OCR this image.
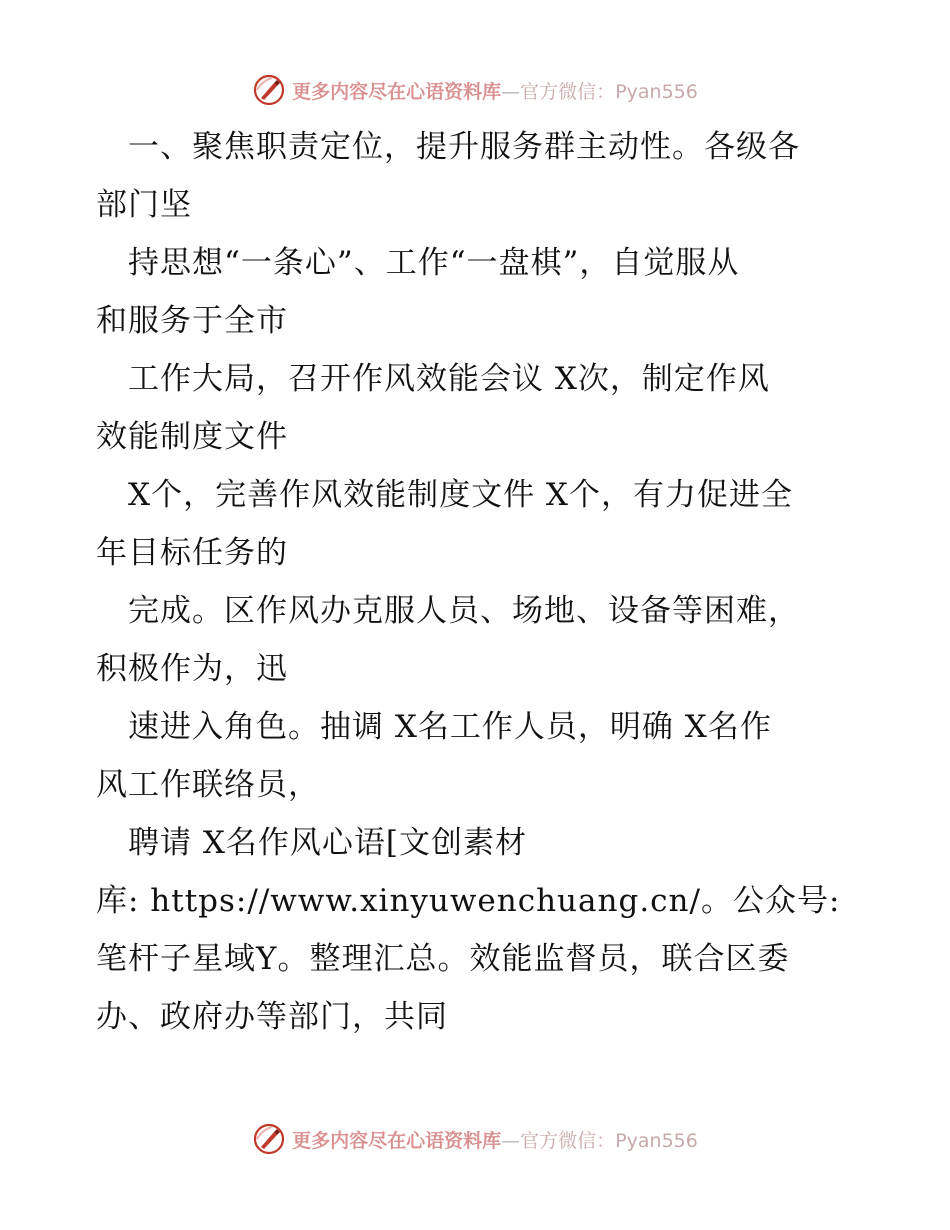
更多内容尽在心语资料库—官方微信：Pyan556
　一、聚焦职责定位，提升服务群主动性。各级各
部门坚
　持思想“一条心”、工作“一盘棋”，自觉服从
和服务于全市
　工作大局，召开作风效能会议 X次，制定作风
效能制度文件
　X个，完善作风效能制度文件 X个，有力促进全
年目标任务的
　完成。区作风办克服人员、场地、设备等困难，
积极作为，迅
　速进入角色。抽调 X名工作人员，明确 X名作
风工作联络员，
　聘请 X名作风心语[文创素材
库: https://www.xinyuwenchuang.cn/。公众号:
笔杆子星域Y。整理汇总。效能监督员，联合区委
办、政府办等部门，共同
更多内容尽在心语资料库—官方微信：Pyan556
